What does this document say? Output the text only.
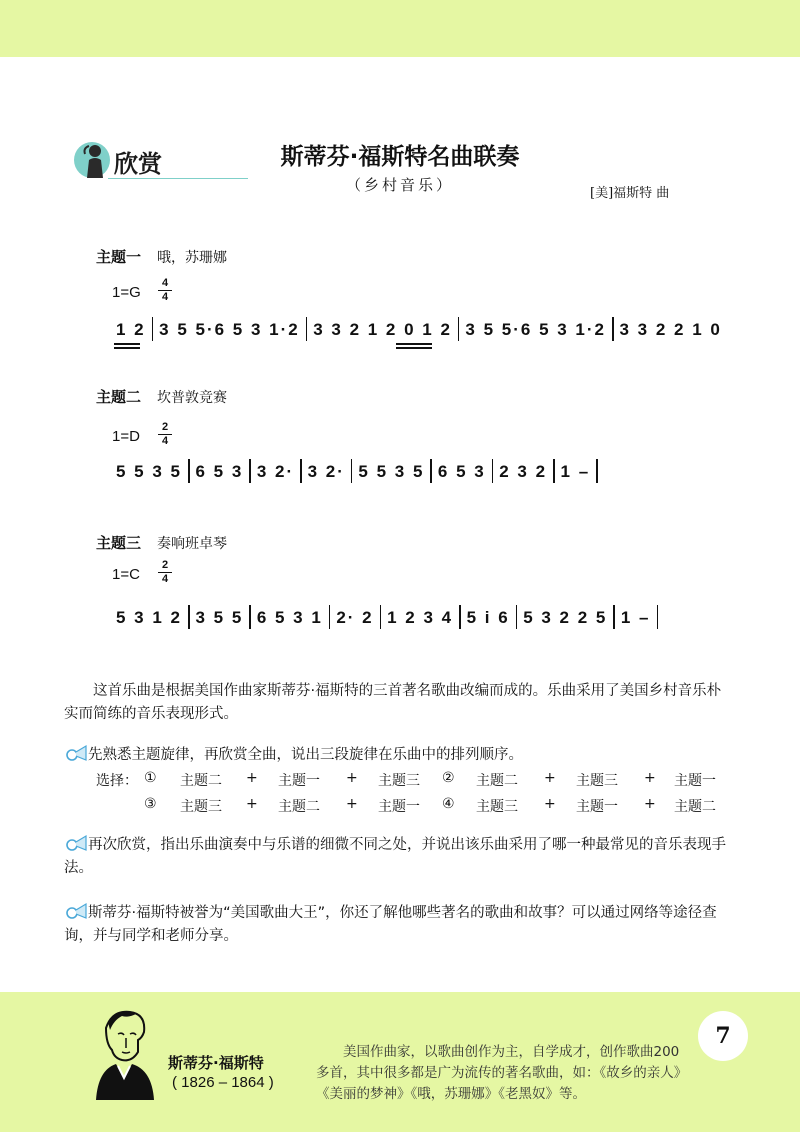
欣赏	斯蒂芬·福斯特名曲联奏
（乡村音乐）	[美]福斯特 曲
主题一 哦，苏珊娜
1=G
4
4
1 2 3 5 5·6 5 3 1·2 3 3 2 1 2 0 1 2 3 5 5·6 5 3 1·2 3 3 2 2 1 0
主题二 坎普敦竞赛
1=D
2
4
5 5 3 5 6 5 3 3 2· 3 2· 5 5 3 5 6 5 3 2 3 2 1 –
主题三 奏响班卓琴
1=C
2
4
5 3 1 2 3 5 5 6 5 3 1 2· 2 1 2 3 4 5 i 6 5 3 2 2 5 1 –
这首乐曲是根据美国作曲家斯蒂芬·福斯特的三首著名歌曲改编而成的。乐曲采用了美国乡村音乐朴实而简练的音乐表现形式。
先熟悉主题旋律，再欣赏全曲，说出三段旋律在乐曲中的排列顺序。
选择： ① 主题二 + 主题一 + 主题三 ② 主题二 + 主题三 + 主题一
③ 主题三 + 主题二 + 主题一 ④ 主题三 + 主题一 + 主题二
再次欣赏，指出乐曲演奏中与乐谱的细微不同之处，并说出该乐曲采用了哪一种最常见的音乐表现手法。
斯蒂芬·福斯特被誉为“美国歌曲大王”，你还了解他哪些著名的歌曲和故事？可以通过网络等途径查询，并与同学和老师分享。
斯蒂芬·福斯特
( 1826 – 1864 )
美国作曲家，以歌曲创作为主，自学成才，创作歌曲200多首，其中很多都是广为流传的著名歌曲，如：《故乡的亲人》《美丽的梦神》《哦，苏珊娜》《老黑奴》等。
7
